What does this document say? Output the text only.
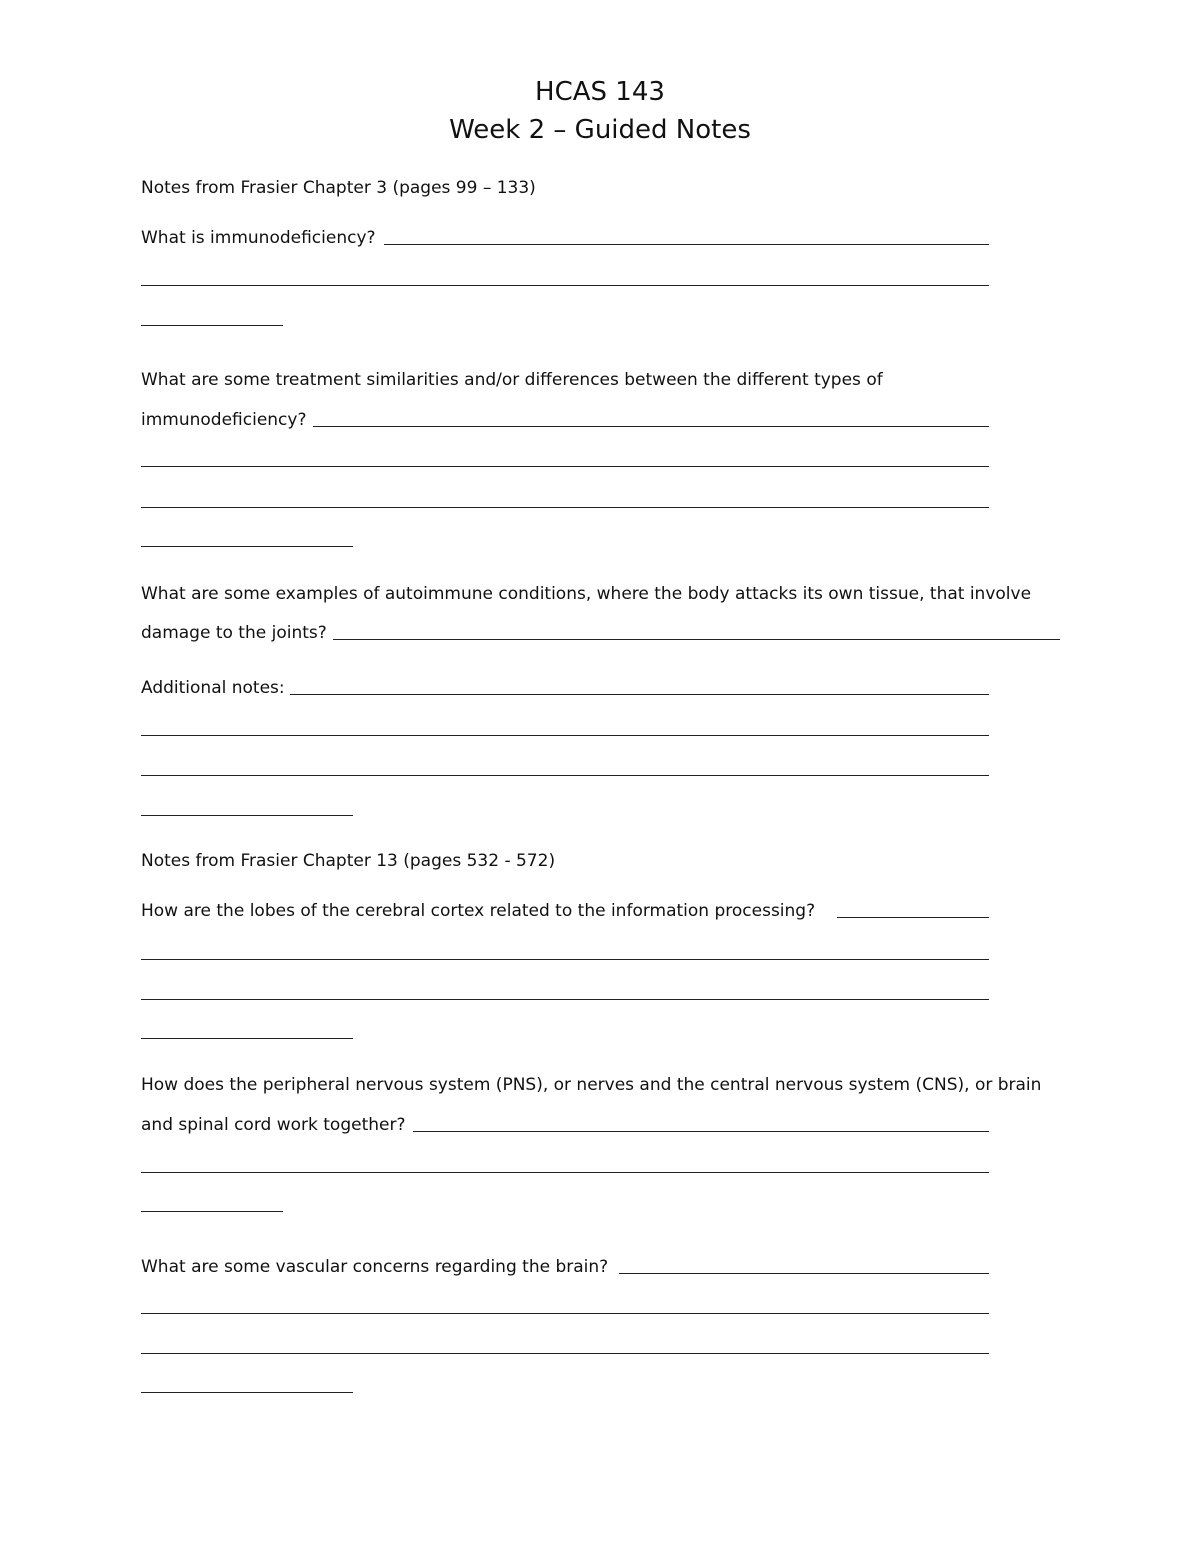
HCAS 143
Week 2 – Guided Notes
Notes from Frasier Chapter 3 (pages 99 – 133)
What is immunodeficiency?
What are some treatment similarities and/or differences between the different types of
immunodeficiency?
What are some examples of autoimmune conditions, where the body attacks its own tissue, that involve
damage to the joints?
Additional notes:
Notes from Frasier Chapter 13 (pages 532 - 572)
How are the lobes of the cerebral cortex related to the information processing?
How does the peripheral nervous system (PNS), or nerves and the central nervous system (CNS), or brain
and spinal cord work together?
What are some vascular concerns regarding the brain?
